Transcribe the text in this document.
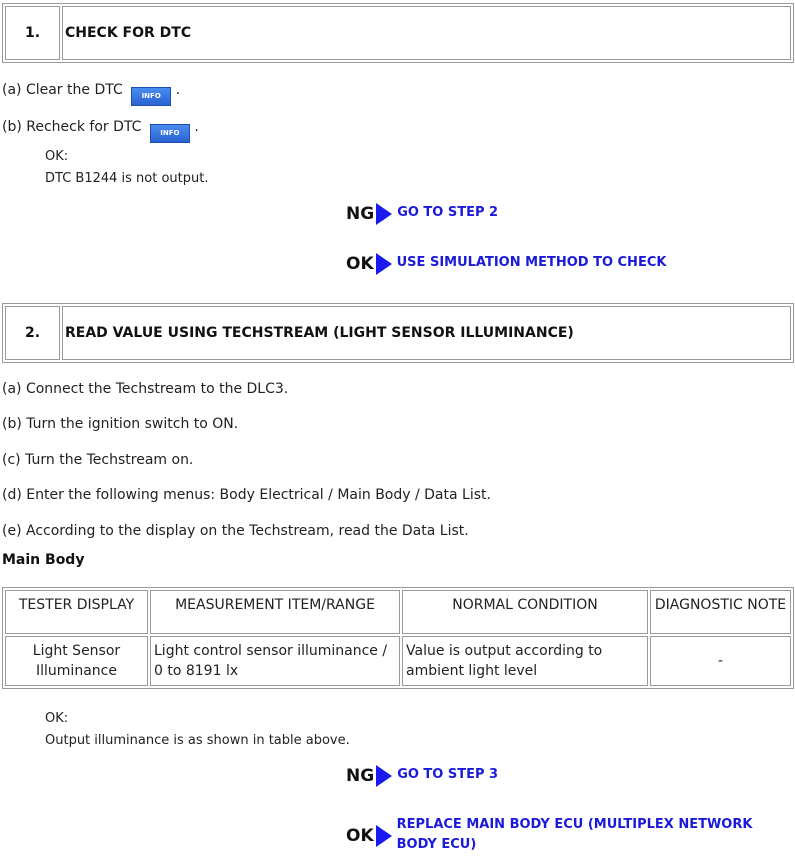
1.	CHECK FOR DTC
(a) Clear the DTC	INFO .
(b) Recheck for DTC	INFO .
OK:
DTC B1244 is not output.
NG GO TO STEP 2
OK USE SIMULATION METHOD TO CHECK
2.	READ VALUE USING TECHSTREAM (LIGHT SENSOR ILLUMINANCE)
(a) Connect the Techstream to the DLC3.
(b) Turn the ignition switch to ON.
(c) Turn the Techstream on.
(d) Enter the following menus: Body Electrical / Main Body / Data List.
(e) According to the display on the Techstream, read the Data List.
Main Body
TESTER DISPLAY	MEASUREMENT ITEM/RANGE	NORMAL CONDITION	DIAGNOSTIC NOTE
Light Sensor Illuminance	Light control sensor illuminance / 0 to 8191 lx	Value is output according to ambient light level	-
OK:
Output illuminance is as shown in table above.
NG GO TO STEP 3
OK
REPLACE MAIN BODY ECU (MULTIPLEX NETWORK BODY ECU)
